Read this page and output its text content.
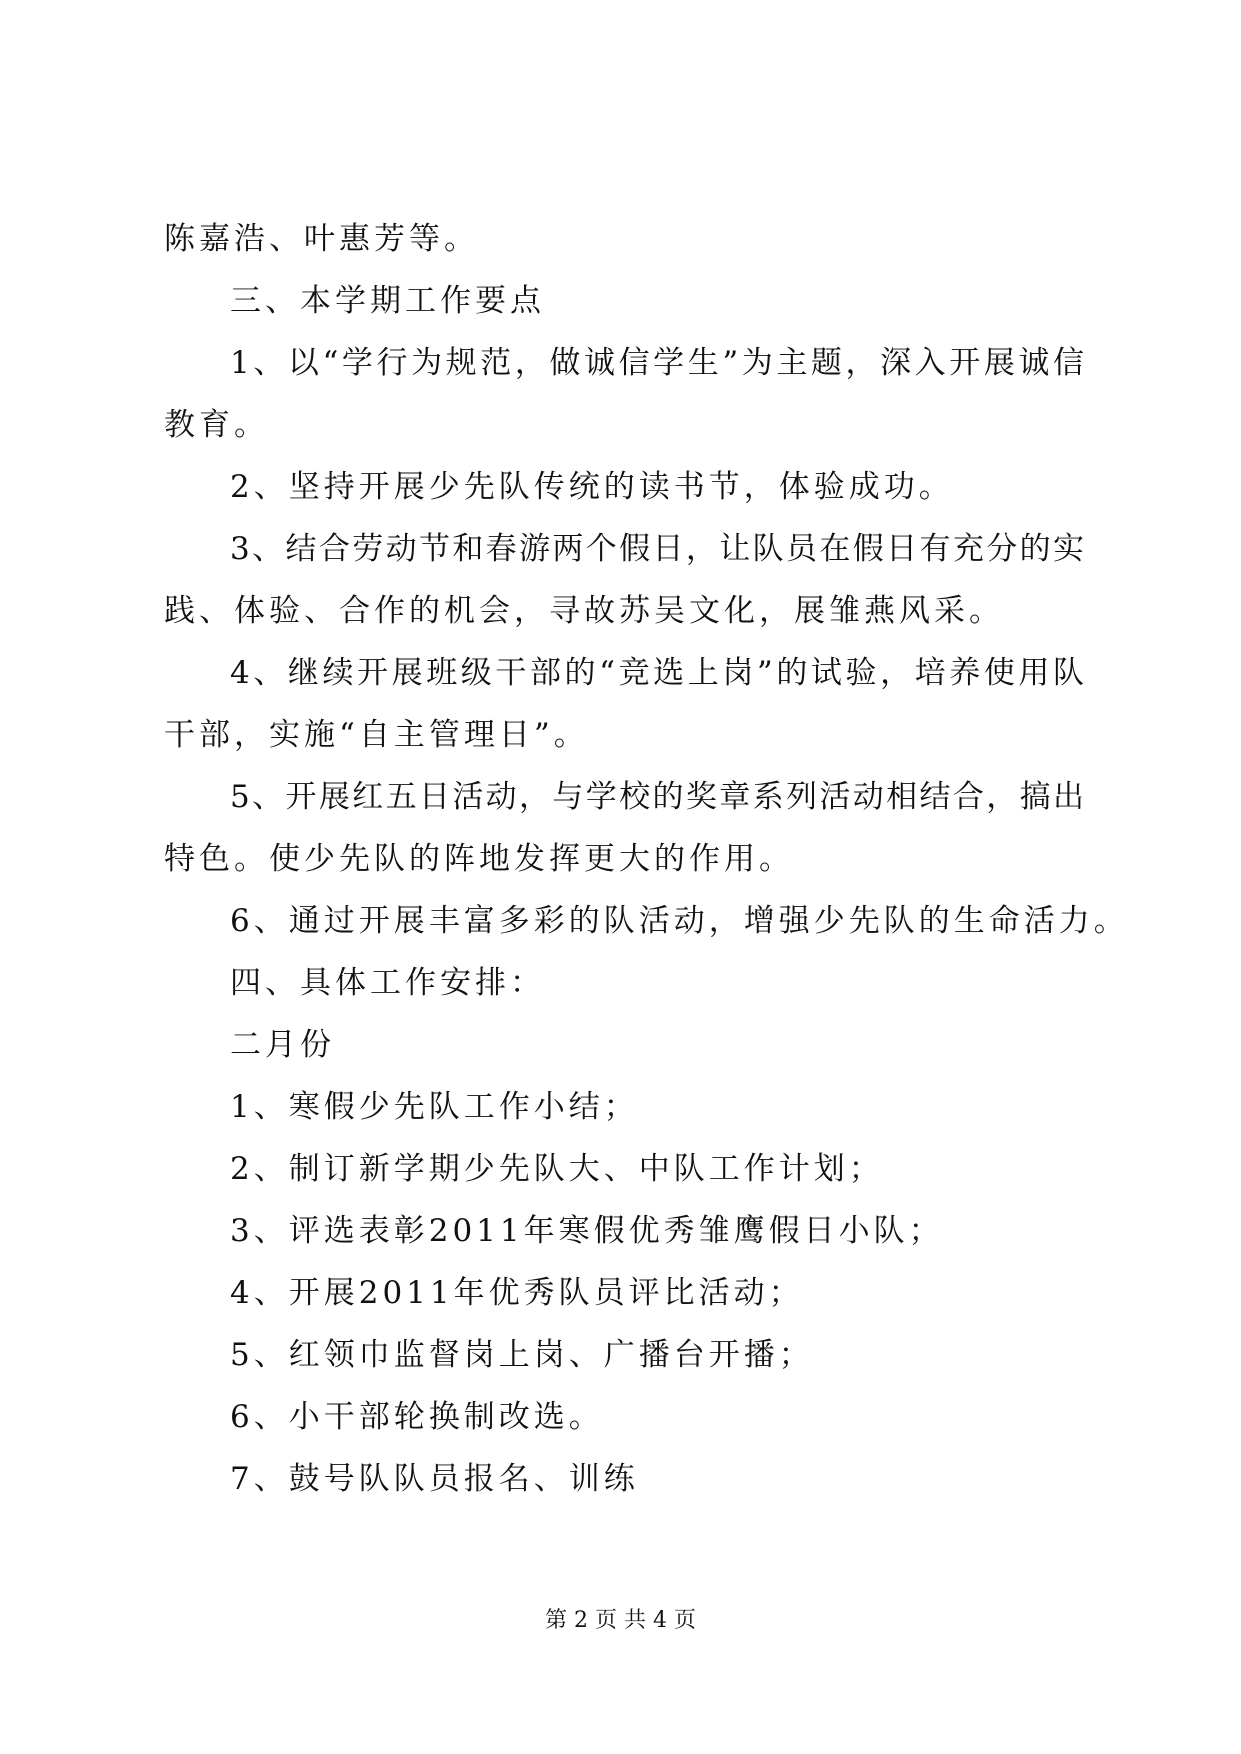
陈嘉浩、叶惠芳等。
三、本学期工作要点
1、以“学行为规范，做诚信学生”为主题，深入开展诚信
教育。
2、坚持开展少先队传统的读书节，体验成功。
3、结合劳动节和春游两个假日，让队员在假日有充分的实
践、体验、合作的机会，寻故苏吴文化，展雏燕风采。
4、继续开展班级干部的“竞选上岗”的试验，培养使用队
干部，实施“自主管理日”。
5、开展红五日活动，与学校的奖章系列活动相结合，搞出
特色。使少先队的阵地发挥更大的作用。
6、通过开展丰富多彩的队活动，增强少先队的生命活力。
四、具体工作安排：
二月份
1、寒假少先队工作小结；
2、制订新学期少先队大、中队工作计划；
3、评选表彰2011年寒假优秀雏鹰假日小队；
4、开展2011年优秀队员评比活动；
5、红领巾监督岗上岗、广播台开播；
6、小干部轮换制改选。
7、鼓号队队员报名、训练
第 2 页 共 4 页
